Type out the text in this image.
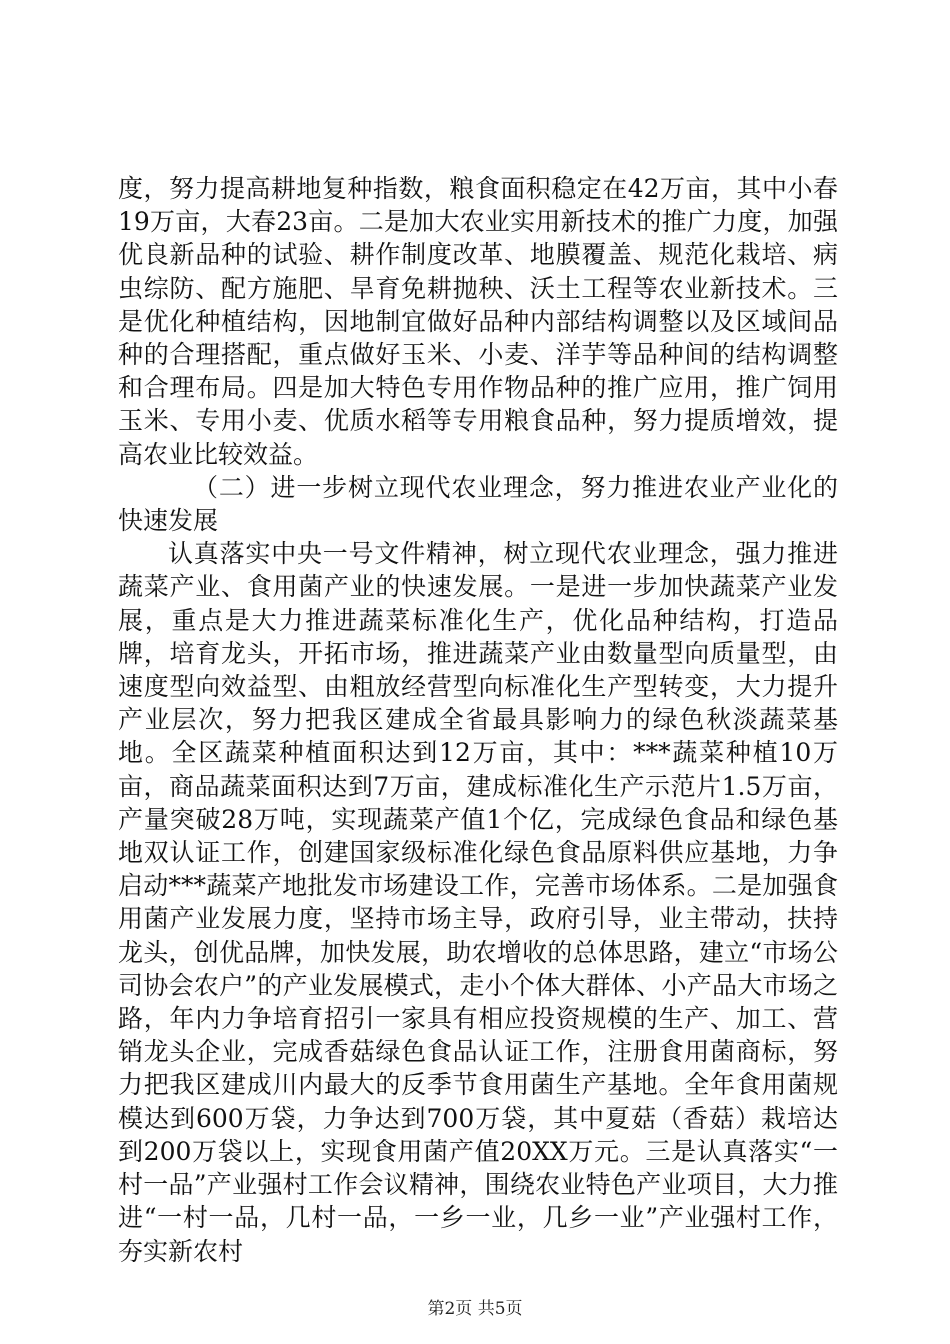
度，努力提高耕地复种指数，粮食面积稳定在42万亩，其中小春19万亩，大春23亩。二是加大农业实用新技术的推广力度，加强优良新品种的试验、耕作制度改革、地膜覆盖、规范化栽培、病虫综防、配方施肥、旱育免耕抛秧、沃土工程等农业新技术。三是优化种植结构，因地制宜做好品种内部结构调整以及区域间品种的合理搭配，重点做好玉米、小麦、洋芋等品种间的结构调整和合理布局。四是加大特色专用作物品种的推广应用，推广饲用玉米、专用小麦、优质水稻等专用粮食品种，努力提质增效，提高农业比较效益。

（二）进一步树立现代农业理念，努力推进农业产业化的快速发展

认真落实中央一号文件精神，树立现代农业理念，强力推进蔬菜产业、食用菌产业的快速发展。一是进一步加快蔬菜产业发展，重点是大力推进蔬菜标准化生产，优化品种结构，打造品牌，培育龙头，开拓市场，推进蔬菜产业由数量型向质量型，由速度型向效益型、由粗放经营型向标准化生产型转变，大力提升产业层次，努力把我区建成全省最具影响力的绿色秋淡蔬菜基地。全区蔬菜种植面积达到12万亩，其中：***蔬菜种植10万亩，商品蔬菜面积达到7万亩，建成标准化生产示范片1.5万亩，产量突破28万吨，实现蔬菜产值1个亿，完成绿色食品和绿色基地双认证工作，创建国家级标准化绿色食品原料供应基地，力争启动***蔬菜产地批发市场建设工作，完善市场体系。二是加强食用菌产业发展力度，坚持市场主导，政府引导，业主带动，扶持龙头，创优品牌，加快发展，助农增收的总体思路，建立“市场公司协会农户”的产业发展模式，走小个体大群体、小产品大市场之路，年内力争培育招引一家具有相应投资规模的生产、加工、营销龙头企业，完成香菇绿色食品认证工作，注册食用菌商标，努力把我区建成川内最大的反季节食用菌生产基地。全年食用菌规模达到600万袋，力争达到700万袋，其中夏菇（香菇）栽培达到200万袋以上，实现食用菌产值20XX万元。三是认真落实“一村一品”产业强村工作会议精神，围绕农业特色产业项目，大力推进“一村一品，几村一品，一乡一业，几乡一业”产业强村工作，夯实新农村

第2页 共5页
